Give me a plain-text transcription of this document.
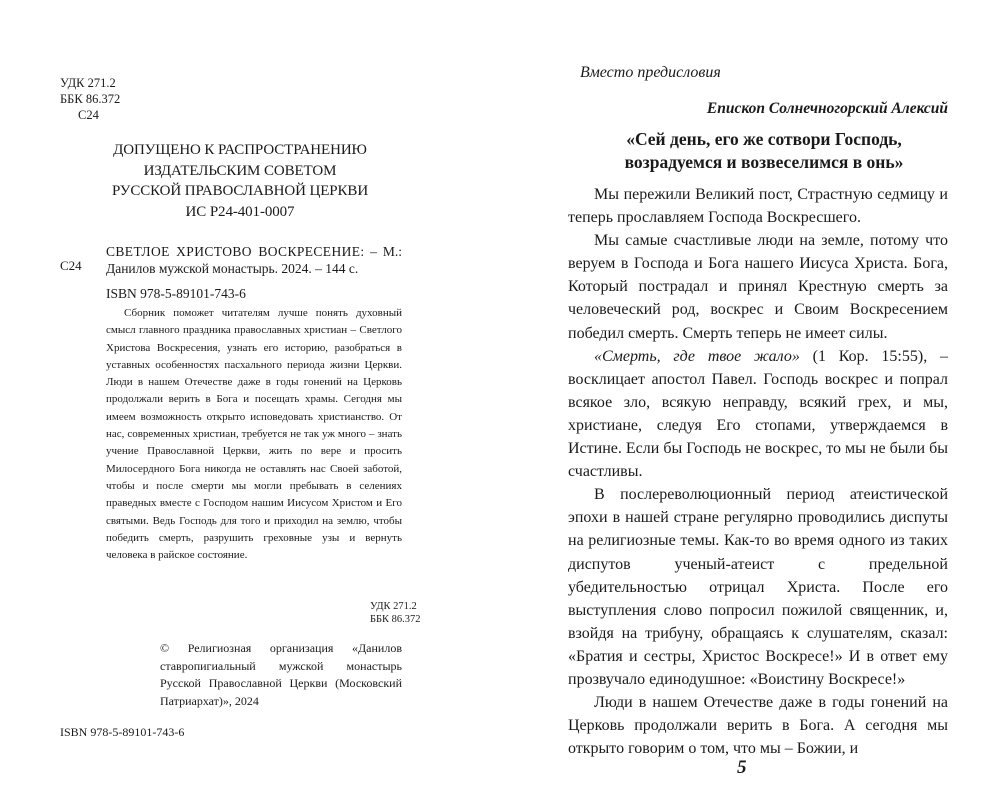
УДК 271.2
ББК 86.372
С24
ДОПУЩЕНО К РАСПРОСТРАНЕНИЮ
ИЗДАТЕЛЬСКИМ СОВЕТОМ
РУССКОЙ ПРАВОСЛАВНОЙ ЦЕРКВИ
ИС Р24-401-0007
С24
СВЕТЛОЕ ХРИСТОВО ВОСКРЕСЕНИЕ: – М.: Данилов мужской монастырь. 2024. – 144 с.
ISBN 978-5-89101-743-6
Сборник поможет читателям лучше понять духовный смысл главного праздника православных христиан – Светлого Христова Воскресения, узнать его историю, разобраться в уставных особенностях пасхального периода жизни Церкви. Люди в нашем Отечестве даже в годы гонений на Церковь продолжали верить в Бога и посещать храмы. Сегодня мы имеем возможность открыто исповедовать христианство. От нас, современных христиан, требуется не так уж много – знать учение Православной Церкви, жить по вере и просить Милосердного Бога никогда не оставлять нас Своей заботой, чтобы и после смерти мы могли пребывать в селениях праведных вместе с Господом нашим Иисусом Христом и Его святыми. Ведь Господь для того и приходил на землю, чтобы победить смерть, разрушить греховные узы и вернуть человека в райское состояние.
УДК 271.2
ББК 86.372
© Религиозная организация «Данилов ставропигиальный мужской монастырь Русской Православной Церкви (Московский Патриархат)», 2024
ISBN 978-5-89101-743-6
Вместо предисловия
Епископ Солнечногорский Алексий
«Сей день, его же сотвори Господь, возрадуемся и возвеселимся в онь»

Мы пережили Великий пост, Страстную седмицу и теперь прославляем Господа Воскресшего.

Мы самые счастливые люди на земле, потому что веруем в Господа и Бога нашего Иисуса Христа. Бога, Который пострадал и принял Крестную смерть за человеческий род, воскрес и Своим Воскресением победил смерть. Смерть теперь не имеет силы.

«Смерть, где твое жало» (1 Кор. 15:55), – восклицает апостол Павел. Господь воскрес и попрал всякое зло, всякую неправду, всякий грех, и мы, христиане, следуя Его стопами, утверждаемся в Истине. Если бы Господь не воскрес, то мы не были бы счастливы.

В послереволюционный период атеистической эпохи в нашей стране регулярно проводились диспуты на религиозные темы. Как-то во время одного из таких диспутов ученый-атеист с предельной убедительностью отрицал Христа. После его выступления слово попросил пожилой священник, и, взойдя на трибуну, обращаясь к слушателям, сказал: «Братия и сестры, Христос Воскресе!» И в ответ ему прозвучало единодушное: «Воистину Воскресе!»

Люди в нашем Отечестве даже в годы гонений на Церковь продолжали верить в Бога. А сегодня мы открыто говорим о том, что мы – Божии, и

5
